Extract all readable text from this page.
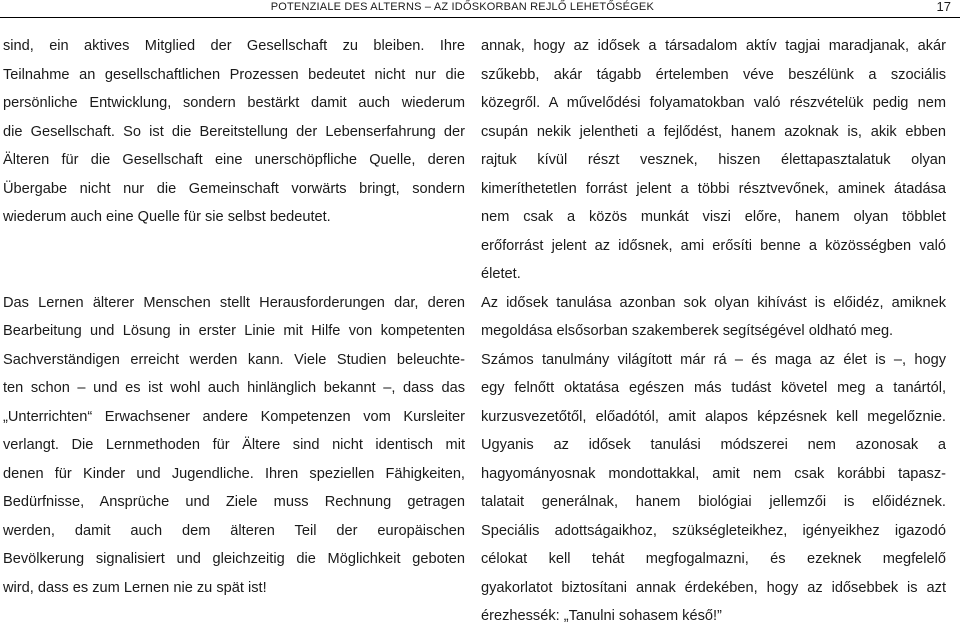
POTENZIALE DES ALTERNS – AZ IDŐSKORBAN REJLŐ LEHETŐSÉGEK	17
sind, ein aktives Mitglied der Gesellschaft zu bleiben. Ihre
Teilnahme an gesellschaftlichen Prozessen bedeutet nicht nur die
persönliche Entwicklung, sondern bestärkt damit auch wiederum
die Gesellschaft. So ist die Bereitstellung der Lebenserfahrung der
Älteren für die Gesellschaft eine unerschöpfliche Quelle, deren
Übergabe nicht nur die Gemeinschaft vorwärts bringt, sondern
wiederum auch eine Quelle für sie selbst bedeutet.
Das Lernen älterer Menschen stellt Herausforderungen dar, deren
Bearbeitung und Lösung in erster Linie mit Hilfe von kompetenten
Sachverständigen erreicht werden kann. Viele Studien beleuchte-
ten schon – und es ist wohl auch hinlänglich bekannt –, dass das
„Unterrichten“ Erwachsener andere Kompetenzen vom Kursleiter
verlangt. Die Lernmethoden für Ältere sind nicht identisch mit
denen für Kinder und Jugendliche. Ihren speziellen Fähigkeiten,
Bedürfnisse, Ansprüche und Ziele muss Rechnung getragen
werden, damit auch dem älteren Teil der europäischen
Bevölkerung signalisiert und gleichzeitig die Möglichkeit geboten
wird, dass es zum Lernen nie zu spät ist!
annak, hogy az idősek a társadalom aktív tagjai maradjanak, akár
szűkebb, akár tágabb értelemben véve beszélünk a szociális
közegről. A művelődési folyamatokban való részvételük pedig nem
csupán nekik jelentheti a fejlődést, hanem azoknak is, akik ebben
rajtuk kívül részt vesznek, hiszen élettapasztalatuk olyan
kimeríthetetlen forrást jelent a többi résztvevőnek, aminek átadása
nem csak a közös munkát viszi előre, hanem olyan többlet
erőforrást jelent az idősnek, ami erősíti benne a közösségben való
életet.
Az idősek tanulása azonban sok olyan kihívást is előidéz, amiknek
megoldása elsősorban szakemberek segítségével oldható meg.
Számos tanulmány világított már rá – és maga az élet is –, hogy
egy felnőtt oktatása egészen más tudást követel meg a tanártól,
kurzusvezetőtől, előadótól, amit alapos képzésnek kell megelőznie.
Ugyanis az idősek tanulási módszerei nem azonosak a
hagyományosnak mondottakkal, amit nem csak korábbi tapasz-
talatait generálnak, hanem biológiai jellemzői is előidéznek.
Speciális adottságaikhoz, szükségleteikhez, igényeikhez igazodó
célokat kell tehát megfogalmazni, és ezeknek megfelelő
gyakorlatot biztosítani annak érdekében, hogy az idősebbek is azt
érezhessék: „Tanulni sohasem késő!”
